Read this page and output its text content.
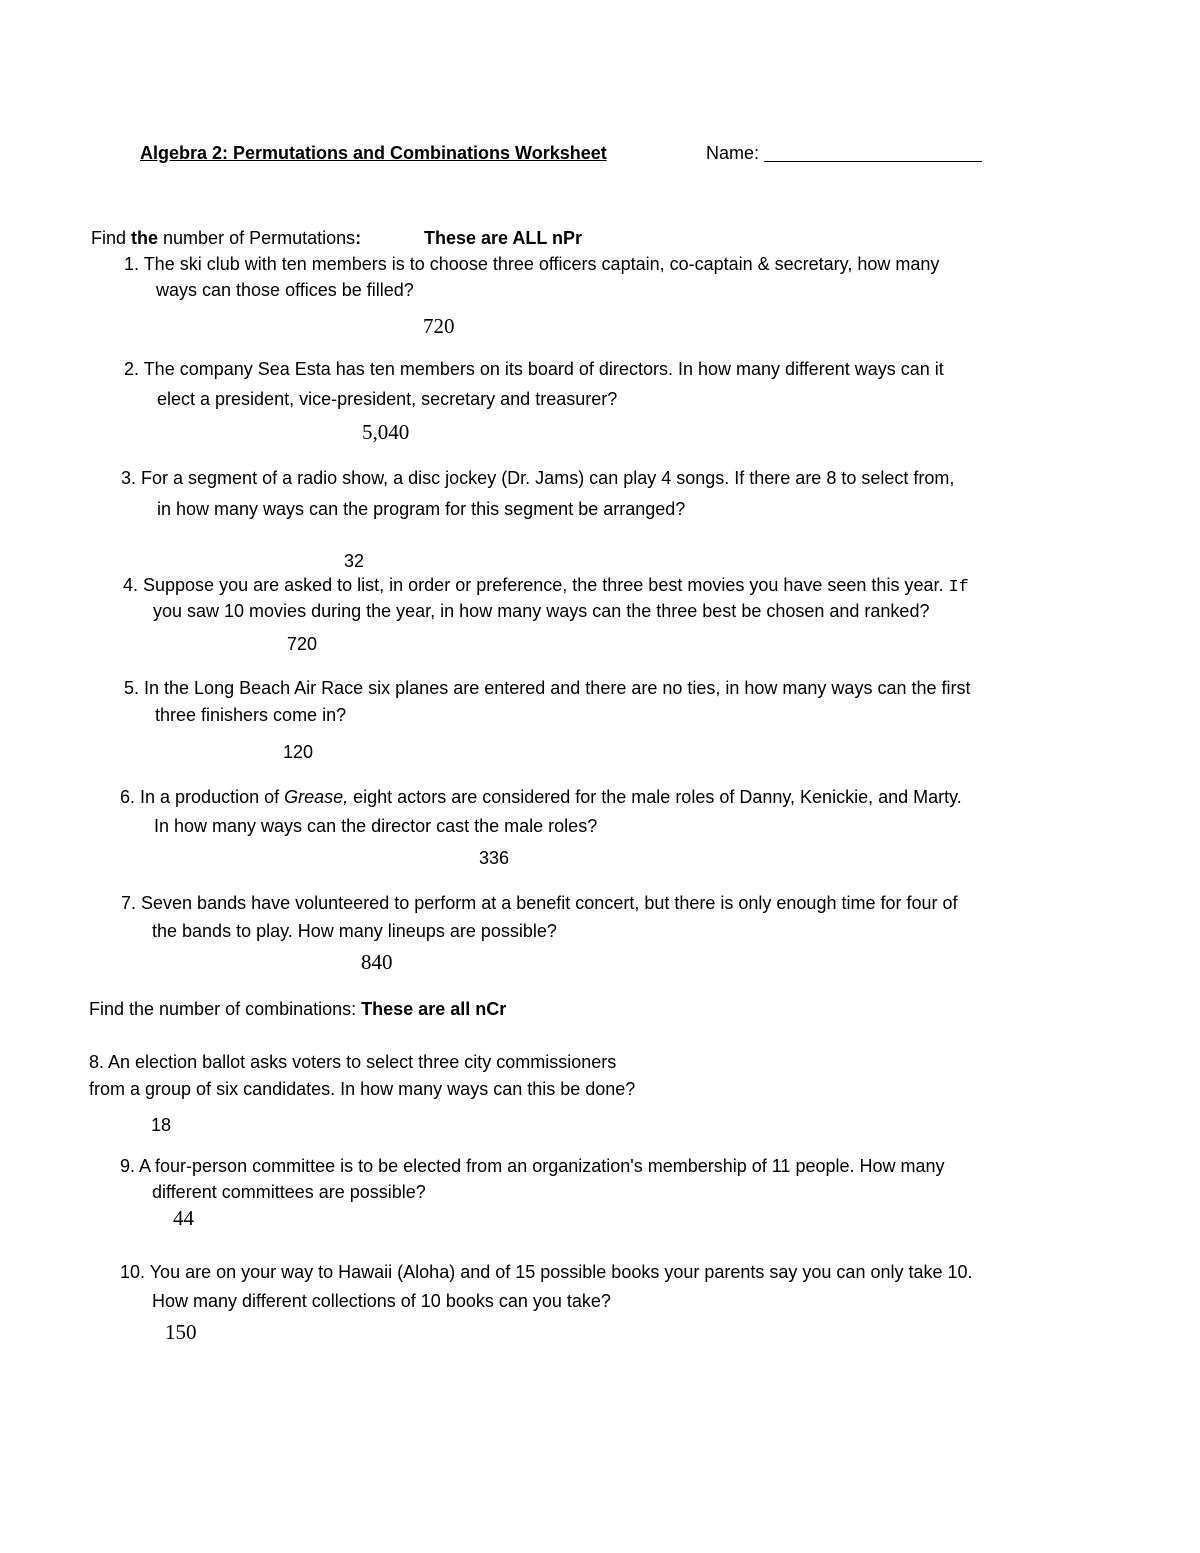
Algebra 2: Permutations and Combinations Worksheet	Name:
Find the number of Permutations:	These are ALL nPr
1. The ski club with ten members is to choose three officers captain, co-captain & secretary, how many
ways can those offices be filled?
720
2. The company Sea Esta has ten members on its board of directors. In how many different ways can it
elect a president, vice-president, secretary and treasurer?
5,040
3. For a segment of a radio show, a disc jockey (Dr. Jams) can play 4 songs. If there are 8 to select from,
in how many ways can the program for this segment be arranged?
32
4. Suppose you are asked to list, in order or preference, the three best movies you have seen this year. If
you saw 10 movies during the year, in how many ways can the three best be chosen and ranked?
720
5. In the Long Beach Air Race six planes are entered and there are no ties, in how many ways can the first
three finishers come in?
120
6. In a production of Grease, eight actors are considered for the male roles of Danny, Kenickie, and Marty.
In how many ways can the director cast the male roles?
336
7. Seven bands have volunteered to perform at a benefit concert, but there is only enough time for four of
the bands to play. How many lineups are possible?
840
Find the number of combinations: These are all nCr
8. An election ballot asks voters to select three city commissioners
from a group of six candidates. In how many ways can this be done?
18
9. A four-person committee is to be elected from an organization's membership of 11 people. How many
different committees are possible?
44
10. You are on your way to Hawaii (Aloha) and of 15 possible books your parents say you can only take 10.
How many different collections of 10 books can you take?
150
